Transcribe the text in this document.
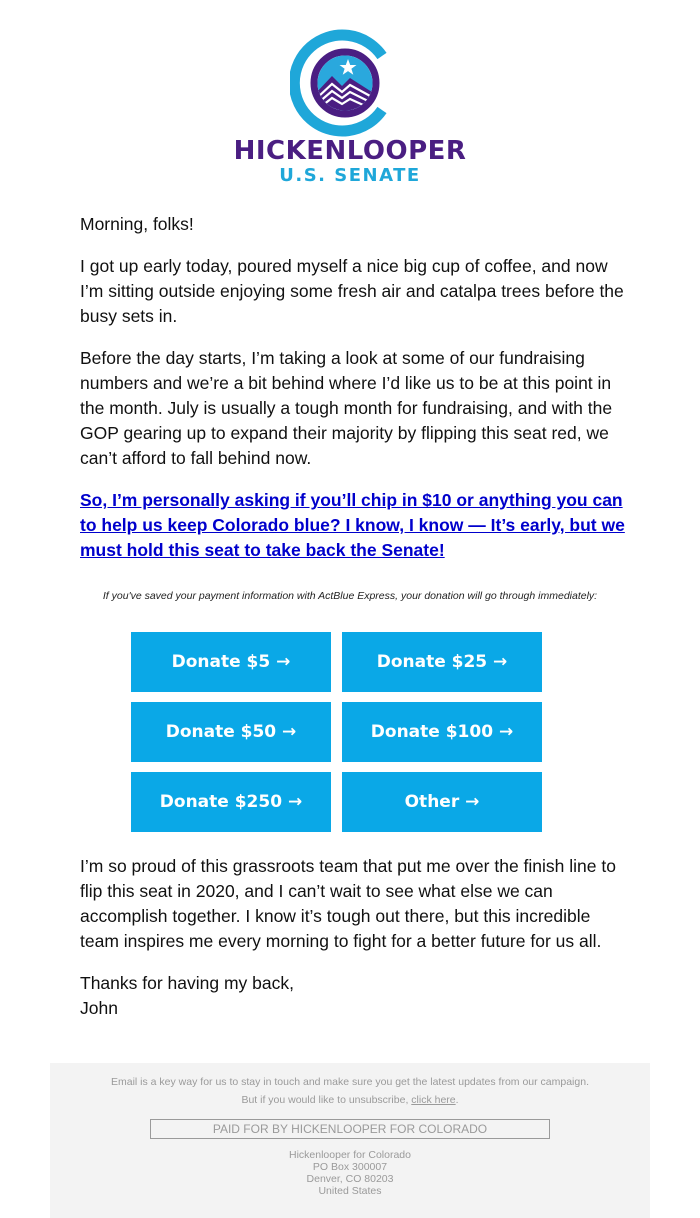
HICKENLOOPER
U.S. SENATE

Morning, folks!

I got up early today, poured myself a nice big cup of coffee, and now I’m sitting outside enjoying some fresh air and catalpa trees before the busy sets in.

Before the day starts, I’m taking a look at some of our fundraising numbers and we’re a bit behind where I’d like us to be at this point in the month. July is usually a tough month for fundraising, and with the GOP gearing up to expand their majority by flipping this seat red, we can’t afford to fall behind now.

So, I’m personally asking if you’ll chip in $10 or anything you can to help us keep Colorado blue? I know, I know — It’s early, but we must hold this seat to take back the Senate!

If you've saved your payment information with ActBlue Express, your donation will go through immediately:
Donate $5 →	Donate $25 →
Donate $50 →	Donate $100 →
Donate $250 →	Other →

I’m so proud of this grassroots team that put me over the finish line to flip this seat in 2020, and I can’t wait to see what else we can accomplish together. I know it’s tough out there, but this incredible team inspires me every morning to fight for a better future for us all.

Thanks for having my back,

John

Email is a key way for us to stay in touch and make sure you get the latest updates from our campaign.
But if you would like to unsubscribe, click here.
PAID FOR BY HICKENLOOPER FOR COLORADO
Hickenlooper for Colorado
PO Box 300007
Denver, CO 80203
United States
